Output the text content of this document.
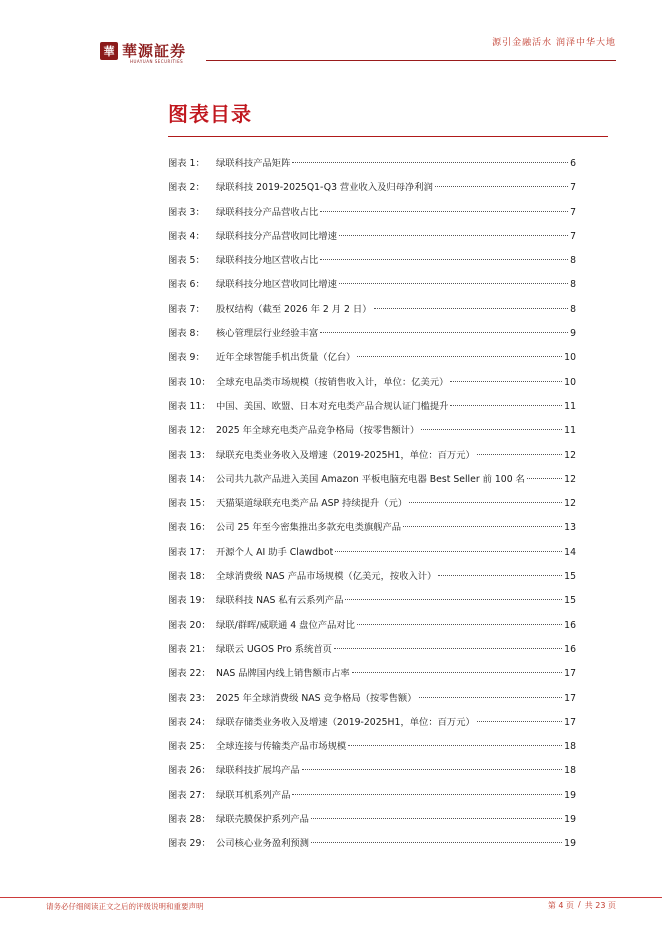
華 華源証券
HUAYUAN SECURITIES
源引金融活水 润泽中华大地
图表目录
图表 1：	绿联科技产品矩阵	6
图表 2：	绿联科技 2019-2025Q1-Q3 营业收入及归母净利润	7
图表 3：	绿联科技分产品营收占比	7
图表 4：	绿联科技分产品营收同比增速	7
图表 5：	绿联科技分地区营收占比	8
图表 6：	绿联科技分地区营收同比增速	8
图表 7：	股权结构（截至 2026 年 2 月 2 日）	8
图表 8：	核心管理层行业经验丰富	9
图表 9：	近年全球智能手机出货量（亿台）	10
图表 10： 全球充电品类市场规模（按销售收入计，单位：亿美元）	10
图表 11： 中国、美国、欧盟、日本对充电类产品合规认证门槛提升	11
图表 12： 2025 年全球充电类产品竞争格局（按零售额计）	11
图表 13： 绿联充电类业务收入及增速（2019-2025H1，单位：百万元）	12
图表 14： 公司共九款产品进入美国 Amazon 平板电脑充电器 Best Seller 前 100 名	12
图表 15： 天猫渠道绿联充电类产品 ASP 持续提升（元）	12
图表 16： 公司 25 年至今密集推出多款充电类旗舰产品	13
图表 17： 开源个人 AI 助手 Clawdbot	14
图表 18： 全球消费级 NAS 产品市场规模（亿美元，按收入计）	15
图表 19： 绿联科技 NAS 私有云系列产品	15
图表 20： 绿联/群晖/威联通 4 盘位产品对比	16
图表 21： 绿联云 UGOS Pro 系统首页	16
图表 22： NAS 品牌国内线上销售额市占率	17
图表 23： 2025 年全球消费级 NAS 竞争格局（按零售额）	17
图表 24： 绿联存储类业务收入及增速（2019-2025H1，单位：百万元）	17
图表 25： 全球连接与传输类产品市场规模	18
图表 26： 绿联科技扩展坞产品	18
图表 27： 绿联耳机系列产品	19
图表 28： 绿联壳膜保护系列产品	19
图表 29： 公司核心业务盈利预测	19
请务必仔细阅读正文之后的评级说明和重要声明	第 4 页 / 共 23 页
